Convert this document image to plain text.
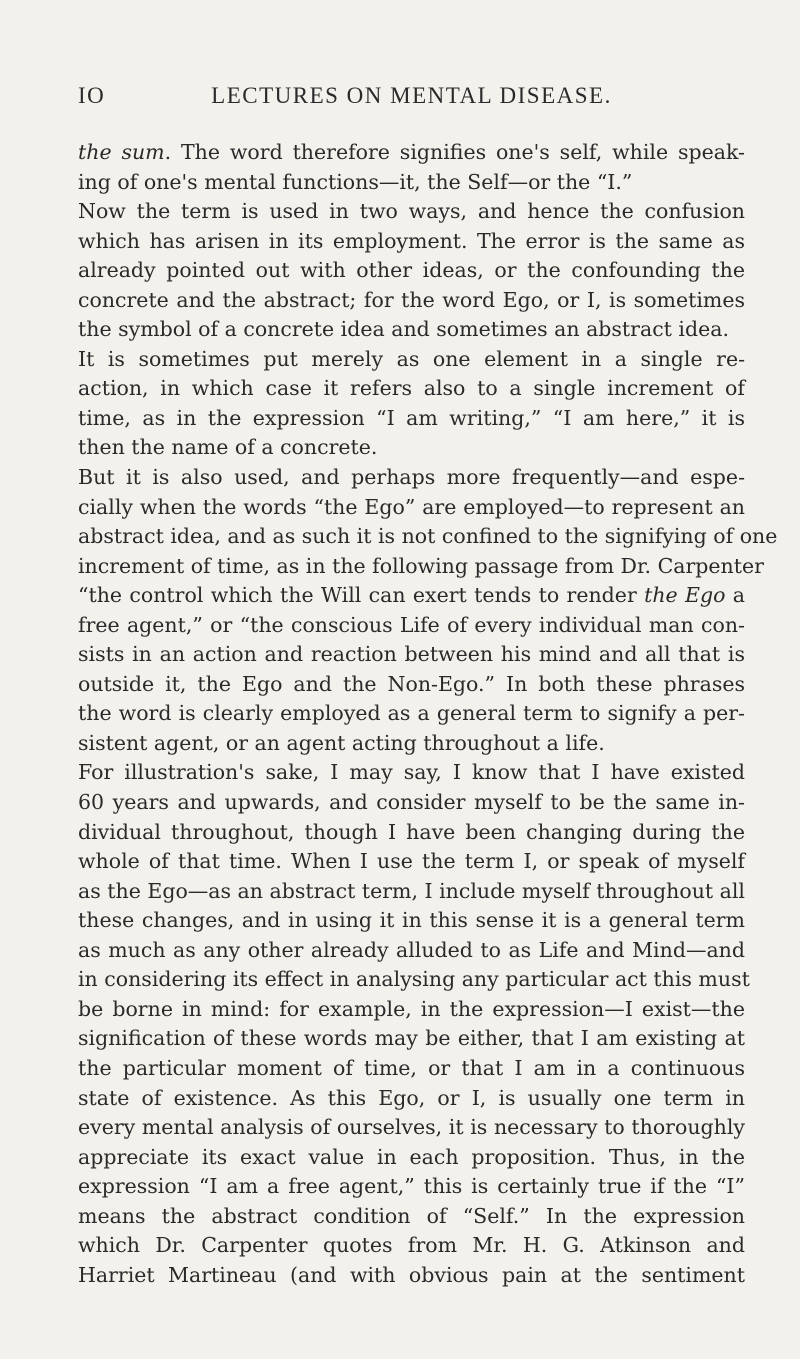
IO	LECTURES ON MENTAL DISEASE.
the sum. The word therefore signifies one's self, while speak-
ing of one's mental functions—it, the Self—or the “I.”
Now the term is used in two ways, and hence the confusion
which has arisen in its employment. The error is the same as
already pointed out with other ideas, or the confounding the
concrete and the abstract; for the word Ego, or I, is sometimes
the symbol of a concrete idea and sometimes an abstract idea.
It is sometimes put merely as one element in a single re-
action, in which case it refers also to a single increment of
time, as in the expression “I am writing,” “I am here,” it is
then the name of a concrete.
But it is also used, and perhaps more frequently—and espe-
cially when the words “the Ego” are employed—to represent an
abstract idea, and as such it is not confined to the signifying of one
increment of time, as in the following passage from Dr. Carpenter
“the control which the Will can exert tends to render the Ego a
free agent,” or “the conscious Life of every individual man con-
sists in an action and reaction between his mind and all that is
outside it, the Ego and the Non-Ego.” In both these phrases
the word is clearly employed as a general term to signify a per-
sistent agent, or an agent acting throughout a life.
For illustration's sake, I may say, I know that I have existed
60 years and upwards, and consider myself to be the same in-
dividual throughout, though I have been changing during the
whole of that time. When I use the term I, or speak of myself
as the Ego—as an abstract term, I include myself throughout all
these changes, and in using it in this sense it is a general term
as much as any other already alluded to as Life and Mind—and
in considering its effect in analysing any particular act this must
be borne in mind: for example, in the expression—I exist—the
signification of these words may be either, that I am existing at
the particular moment of time, or that I am in a continuous
state of existence. As this Ego, or I, is usually one term in
every mental analysis of ourselves, it is necessary to thoroughly
appreciate its exact value in each proposition. Thus, in the
expression “I am a free agent,” this is certainly true if the “I”
means the abstract condition of “Self.” In the expression
which Dr. Carpenter quotes from Mr. H. G. Atkinson and
Harriet Martineau (and with obvious pain at the sentiment
